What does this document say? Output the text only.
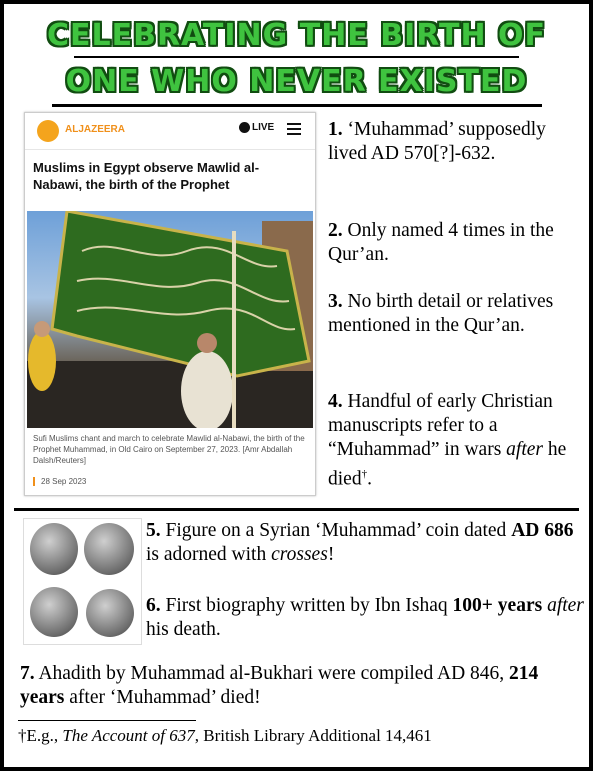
CELEBRATING THE BIRTH OF
ONE WHO NEVER EXISTED
ALJAZEERA	LIVE
Muslims in Egypt observe Mawlid al-Nabawi, the birth of the Prophet
Sufi Muslims chant and march to celebrate Mawlid al-Nabawi, the birth of the Prophet Muhammad, in Old Cairo on September 27, 2023. [Amr Abdallah Dalsh/Reuters]
28 Sep 2023
1. ‘Muhammad’ supposedly lived AD 570[?]-632.
2. Only named 4 times in the Qur’an.
3. No birth detail or relatives mentioned in the Qur’an.
4. Handful of early Christian manuscripts refer to a “Muhammad” in wars after he died†.
5. Figure on a Syrian ‘Muhammad’ coin dated AD 686 is adorned with crosses!
6. First biography written by Ibn Ishaq 100+ years after his death.
7. Ahadith by Muhammad al-Bukhari were compiled AD 846, 214 years after ‘Muhammad’ died!
†E.g., The Account of 637, British Library Additional 14,461
